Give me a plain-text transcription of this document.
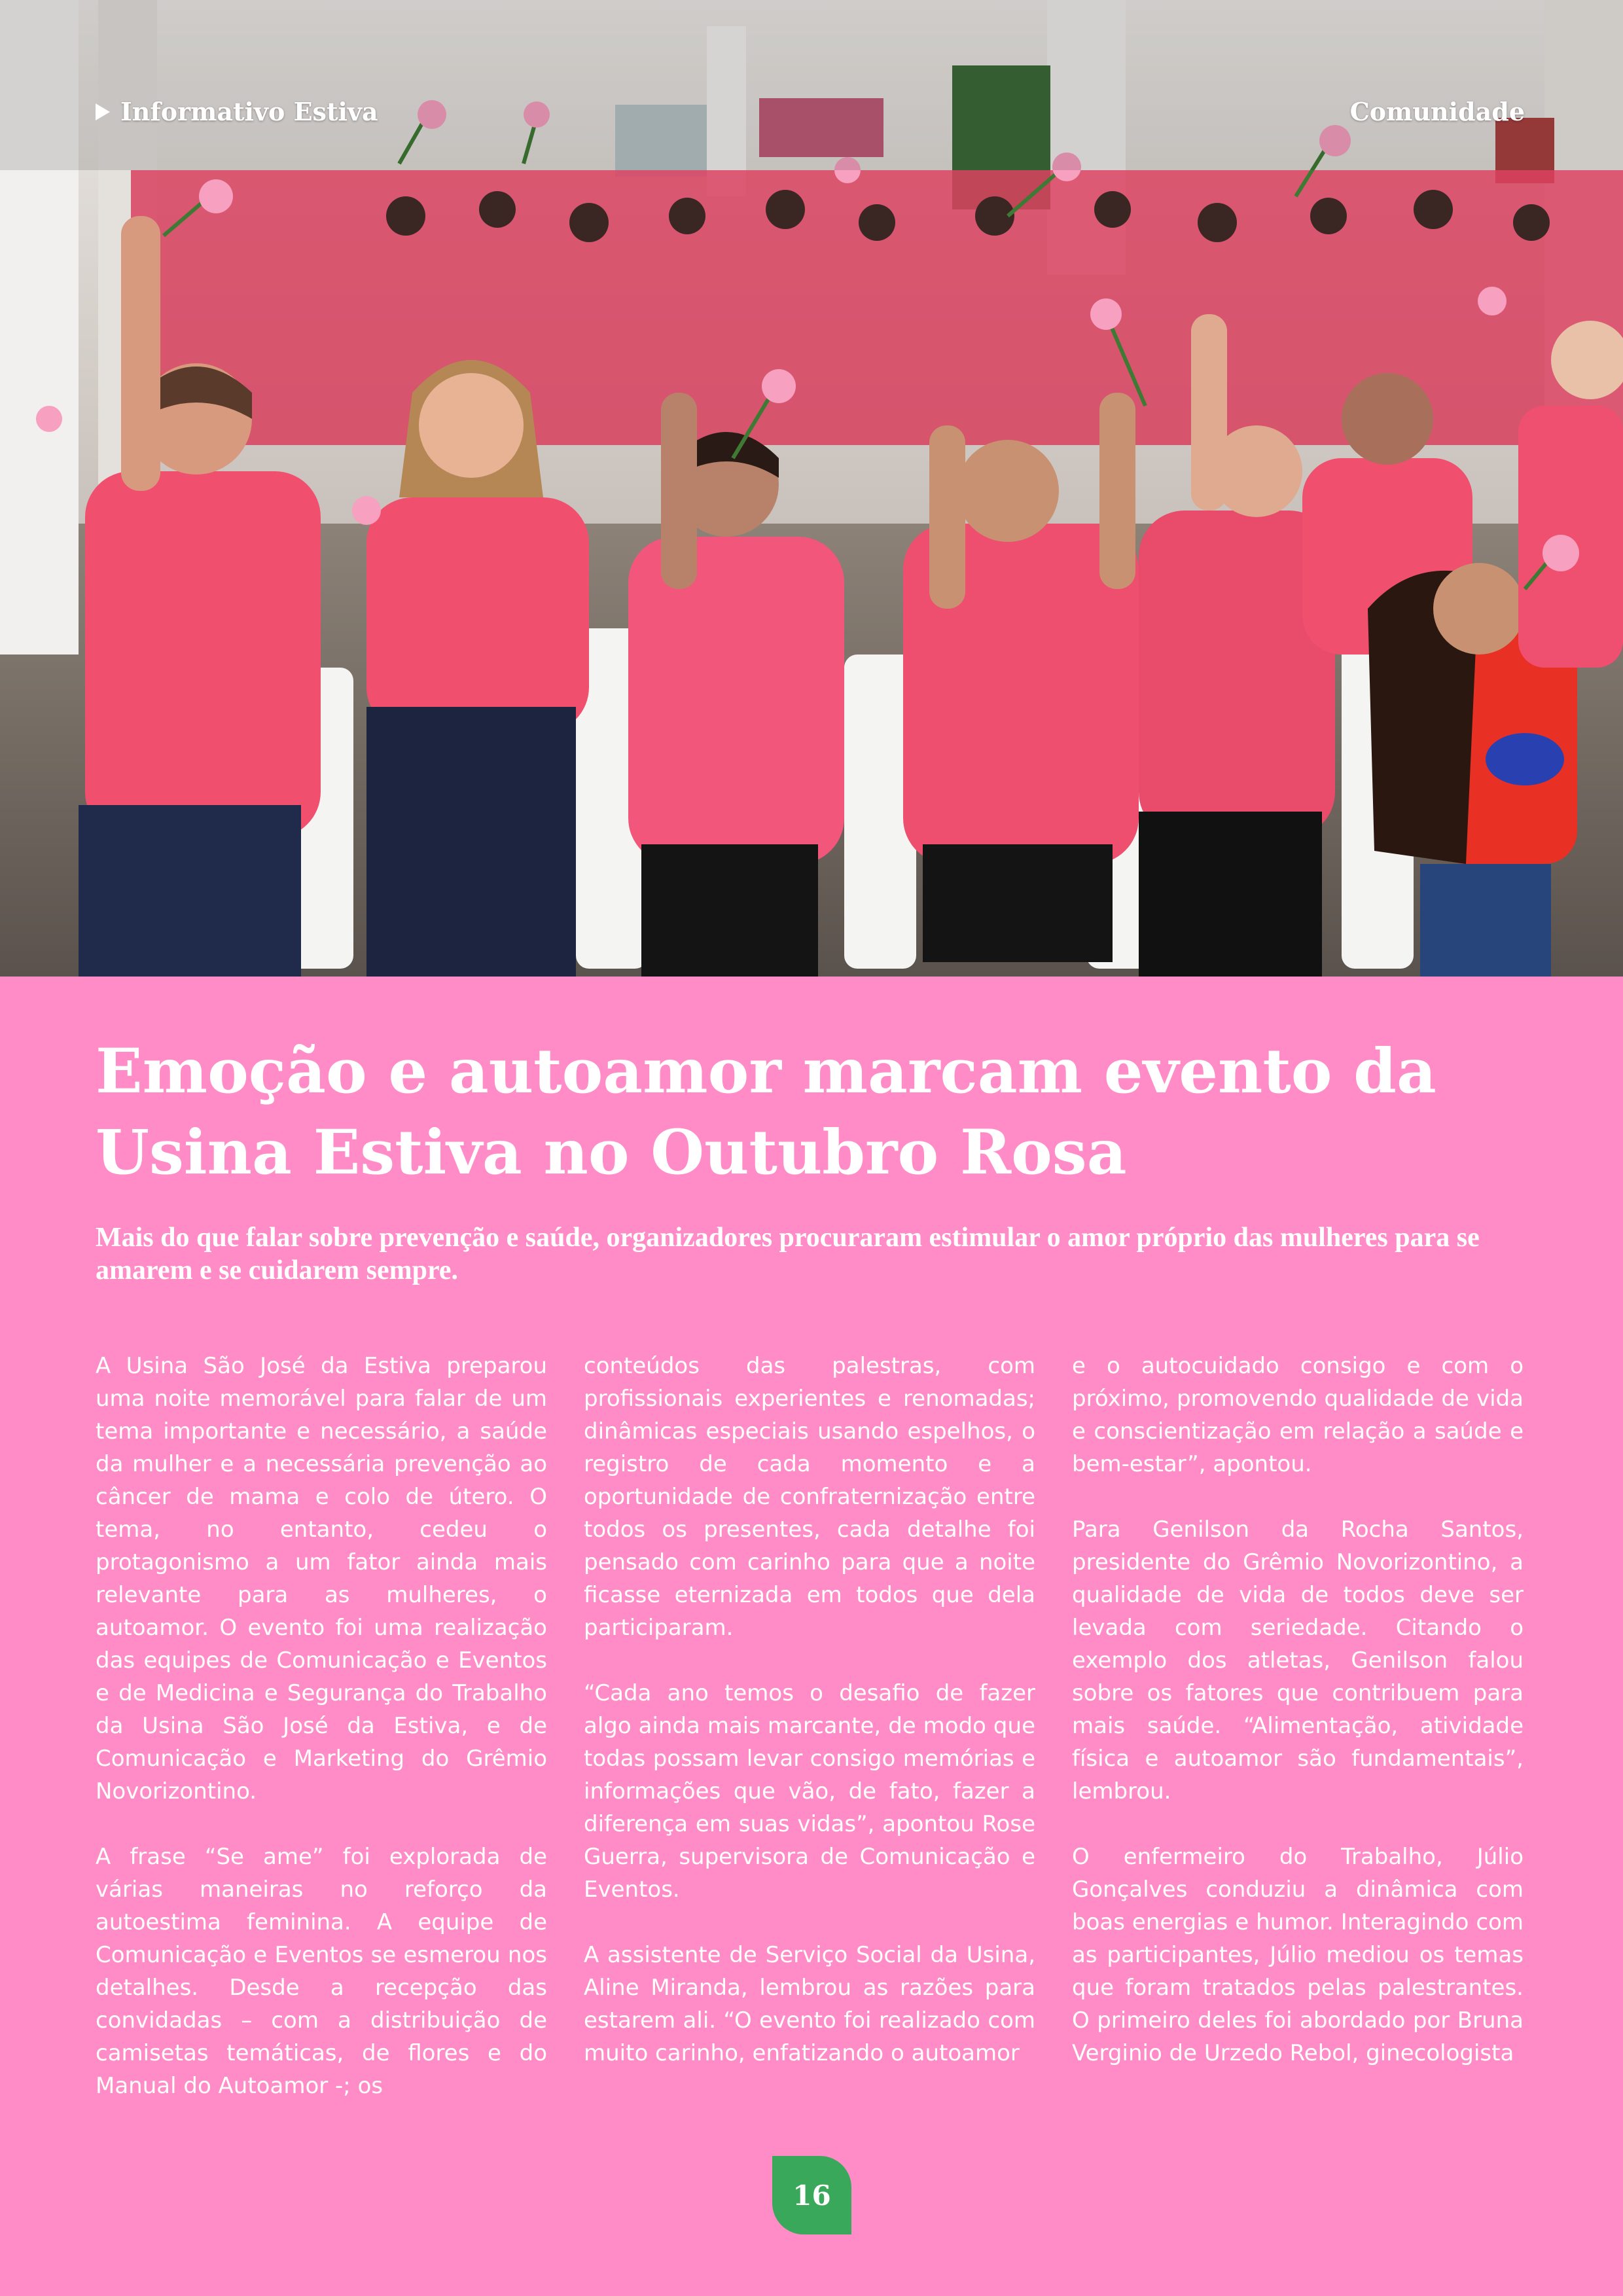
Informativo Estiva	Comunidade
Emoção e autoamor marcam evento da Usina Estiva no Outubro Rosa

Mais do que falar sobre prevenção e saúde, organizadores procuraram estimular o amor próprio das mulheres para se amarem e se cuidarem sempre.

A Usina São José da Estiva preparou uma noite memorável para falar de um tema importante e necessário, a saúde da mulher e a necessária prevenção ao câncer de mama e colo de útero. O tema, no entanto, cedeu o protagonismo a um fator ainda mais relevante para as mulheres, o autoamor. O evento foi uma realização das equipes de Comunicação e Eventos e de Medicina e Segurança do Trabalho da Usina São José da Estiva, e de Comunicação e Marketing do Grêmio Novorizontino.

A frase “Se ame” foi explorada de várias maneiras no reforço da autoestima feminina. A equipe de Comunicação e Eventos se esmerou nos detalhes. Desde a recepção das convidadas – com a distribuição de camisetas temáticas, de flores e do Manual do Autoamor -; os

conteúdos das palestras, com profissionais experientes e renomadas; dinâmicas especiais usando espelhos, o registro de cada momento e a oportunidade de confraternização entre todos os presentes, cada detalhe foi pensado com carinho para que a noite ficasse eternizada em todos que dela participaram.

“Cada ano temos o desafio de fazer algo ainda mais marcante, de modo que todas possam levar consigo memórias e informações que vão, de fato, fazer a diferença em suas vidas”, apontou Rose Guerra, supervisora de Comunicação e Eventos.

A assistente de Serviço Social da Usina, Aline Miranda, lembrou as razões para estarem ali. “O evento foi realizado com muito carinho, enfatizando o autoamor

e o autocuidado consigo e com o próximo, promovendo qualidade de vida e conscientização em relação a saúde e bem-estar”, apontou.

Para Genilson da Rocha Santos, presidente do Grêmio Novorizontino, a qualidade de vida de todos deve ser levada com seriedade. Citando o exemplo dos atletas, Genilson falou sobre os fatores que contribuem para mais saúde. “Alimentação, atividade física e autoamor são fundamentais”, lembrou.

O enfermeiro do Trabalho, Júlio Gonçalves conduziu a dinâmica com boas energias e humor. Interagindo com as participantes, Júlio mediou os temas que foram tratados pelas palestrantes. O primeiro deles foi abordado por Bruna Verginio de Urzedo Rebol, ginecologista

16
